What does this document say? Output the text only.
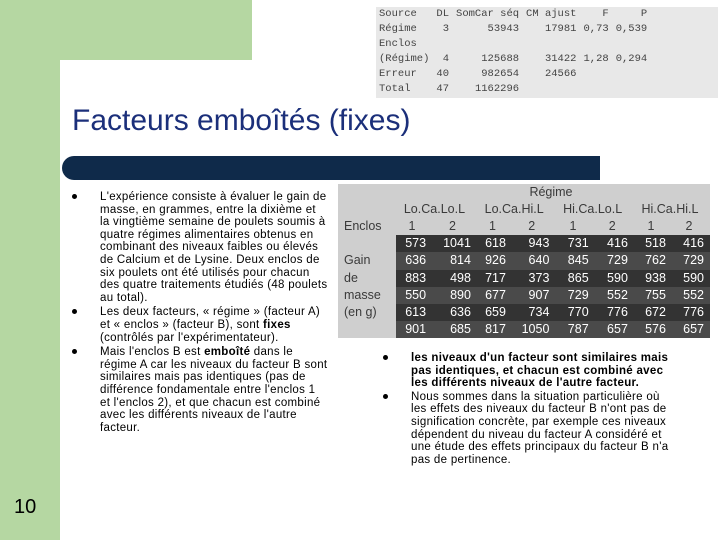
10
Source	DL	SomCar séq	CM ajust	F	P
Régime	3	53943	17981	0,73	0,539
Enclos					
(Régime)	4	125688	31422	1,28	0,294
Erreur	40	982654	24566		
Total	47	1162296			
Facteurs emboîtés (fixes)
L'expérience consiste à évaluer le gain de masse, en grammes, entre la dixième et la vingtième semaine de poulets soumis à quatre régimes alimentaires obtenus en combinant des niveaux faibles ou élevés de Calcium et de Lysine. Deux enclos de six poulets ont été utilisés pour chacun des quatre traitements étudiés (48 poulets au total).
Les deux facteurs, « régime » (facteur A) et « enclos » (facteur B), sont fixes (contrôlés par l'expérimentateur).
Mais l'enclos B est emboîté dans le régime A car les niveaux du facteur B sont similaires mais pas identiques (pas de différence fondamentale entre l'enclos 1 et l'enclos 2), et que chacun est combiné avec les différents niveaux de l'autre facteur.
	Régime							
	Lo.Ca.Lo.L		Lo.Ca.Hi.L		Hi.Ca.Lo.L		Hi.Ca.Hi.L	
Enclos	1	2	1	2	1	2	1	2
	573	1041	618	943	731	416	518	416
Gain	636	814	926	640	845	729	762	729
de	883	498	717	373	865	590	938	590
masse	550	890	677	907	729	552	755	552
(en g)	613	636	659	734	770	776	672	776
	901	685	817	1050	787	657	576	657
les niveaux d'un facteur sont similaires mais pas identiques, et chacun est combiné avec les différents niveaux de l'autre facteur.
Nous sommes dans la situation particulière où les effets des niveaux du facteur B n'ont pas de signification concrète, par exemple ces niveaux dépendent du niveau du facteur A considéré et une étude des effets principaux du facteur B n'a pas de pertinence.
